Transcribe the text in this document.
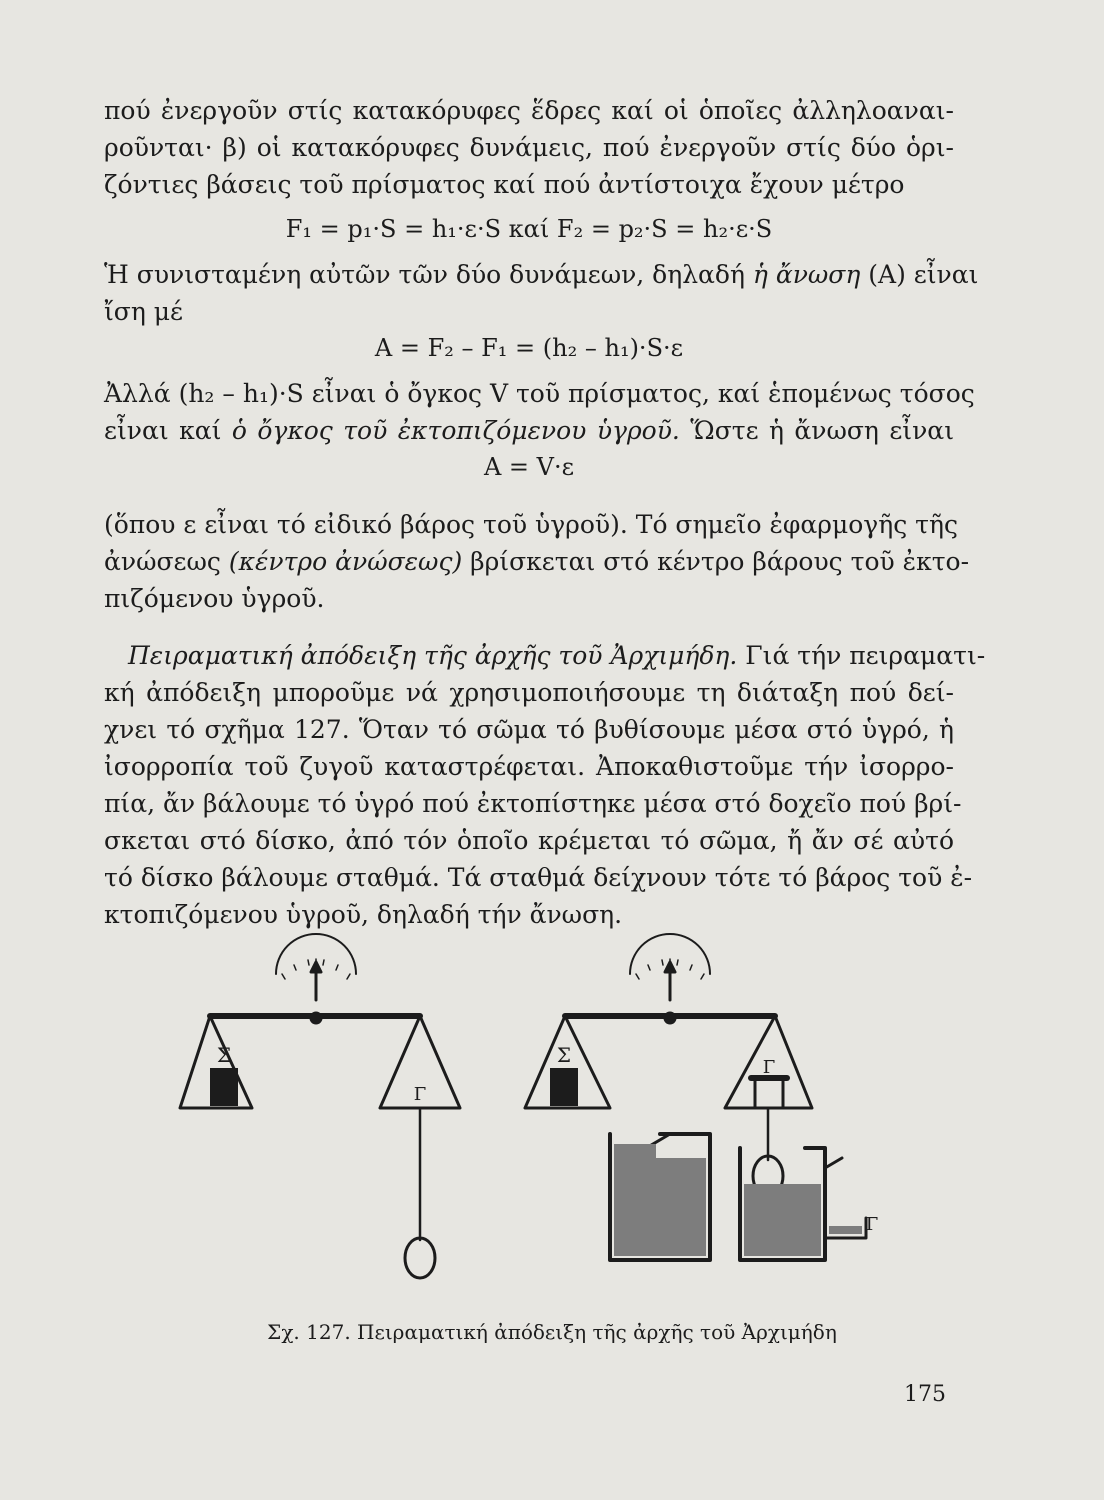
πού ἐνεργοῦν στίς κατακόρυφες ἕδρες καί οἱ ὁποῖες ἀλληλοαναι-
ροῦνται· β) οἱ κατακόρυφες δυνάμεις, πού ἐνεργοῦν στίς δύο ὁρι-
ζόντιες βάσεις τοῦ πρίσματος καί πού ἀντίστοιχα ἔχουν μέτρο
F₁ = p₁·S = h₁·ε·S καί F₂ = p₂·S = h₂·ε·S
Ἡ συνισταμένη αὐτῶν τῶν δύο δυνάμεων, δηλαδή ἡ ἄνωση (A) εἶναι
ἴση μέ
A = F₂ – F₁ = (h₂ – h₁)·S·ε
Ἀλλά (h₂ – h₁)·S εἶναι ὁ ὄγκος V τοῦ πρίσματος, καί ἑπομένως τόσος
εἶναι καί ὁ ὄγκος τοῦ ἐκτοπιζόμενου ὑγροῦ. Ὥστε ἡ ἄνωση εἶναι
A = V·ε
(ὅπου ε εἶναι τό εἰδικό βάρος τοῦ ὑγροῦ). Τό σημεῖο ἐφαρμογῆς τῆς
ἀνώσεως (κέντρο ἀνώσεως) βρίσκεται στό κέντρο βάρους τοῦ ἐκτο-
πιζόμενου ὑγροῦ.
Πειραματική ἀπόδειξη τῆς ἀρχῆς τοῦ Ἀρχιμήδη. Γιά τήν πειραματι-
κή ἀπόδειξη μποροῦμε νά χρησιμοποιήσουμε τη διάταξη πού δεί-
χνει τό σχῆμα 127. Ὅταν τό σῶμα τό βυθίσουμε μέσα στό ὑγρό, ἡ
ἰσορροπία τοῦ ζυγοῦ καταστρέφεται. Ἀποκαθιστοῦμε τήν ἰσορρο-
πία, ἄν βάλουμε τό ὑγρό πού ἐκτοπίστηκε μέσα στό δοχεῖο πού βρί-
σκεται στό δίσκο, ἀπό τόν ὁποῖο κρέμεται τό σῶμα, ἤ ἄν σέ αὐτό
τό δίσκο βάλουμε σταθμά. Τά σταθμά δείχνουν τότε τό βάρος τοῦ ἐ-
κτοπιζόμενου ὑγροῦ, δηλαδή τήν ἄνωση.
Σ
Γ
Σ
Γ
Γ
Σχ. 127. Πειραματική ἀπόδειξη τῆς ἀρχῆς τοῦ Ἀρχιμήδη
175
